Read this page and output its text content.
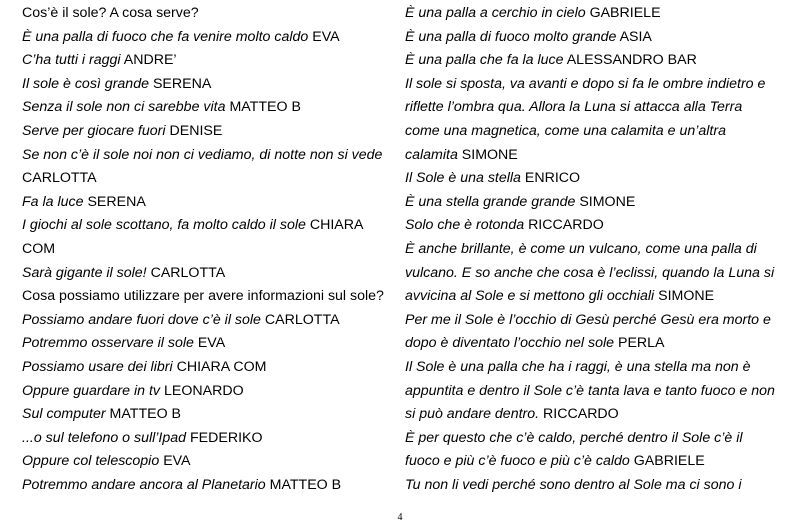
Cos’è il sole? A cosa serve?
È una palla di fuoco che fa venire molto caldo EVA
C’ha tutti i raggi ANDRE’
Il sole è così grande SERENA
Senza il sole non ci sarebbe vita MATTEO B
Serve per giocare fuori DENISE
Se non c’è il sole noi non ci vediamo, di notte non si vede
CARLOTTA
Fa la luce SERENA
I giochi al sole scottano, fa molto caldo il sole CHIARA
COM
Sarà gigante il sole! CARLOTTA
Cosa possiamo utilizzare per avere informazioni sul sole?
Possiamo andare fuori dove c’è il sole CARLOTTA
Potremmo osservare il sole EVA
Possiamo usare dei libri CHIARA COM
Oppure guardare in tv LEONARDO
Sul computer MATTEO B
...o sul telefono o sull’Ipad FEDERIKO
Oppure col telescopio EVA
Potremmo andare ancora al Planetario MATTEO B
È una palla a cerchio in cielo GABRIELE
È una palla di fuoco molto grande ASIA
È una palla che fa la luce ALESSANDRO BAR
Il sole si sposta, va avanti e dopo si fa le ombre indietro e
riflette l’ombra qua. Allora la Luna si attacca alla Terra
come una magnetica, come una calamita e un’altra
calamita SIMONE
Il Sole è una stella ENRICO
È una stella grande grande SIMONE
Solo che è rotonda RICCARDO
È anche brillante, è come un vulcano, come una palla di
vulcano. E so anche che cosa è l’eclissi, quando la Luna si
avvicina al Sole e si mettono gli occhiali SIMONE
Per me il Sole è l’occhio di Gesù perché Gesù era morto e
dopo è diventato l’occhio nel sole PERLA
Il Sole è una palla che ha i raggi, è una stella ma non è
appuntita e dentro il Sole c’è tanta lava e tanto fuoco e non
si può andare dentro. RICCARDO
È per questo che c’è caldo, perché dentro il Sole c’è il
fuoco e più c’è fuoco e più c’è caldo GABRIELE
Tu non li vedi perché sono dentro al Sole ma ci sono i
4
